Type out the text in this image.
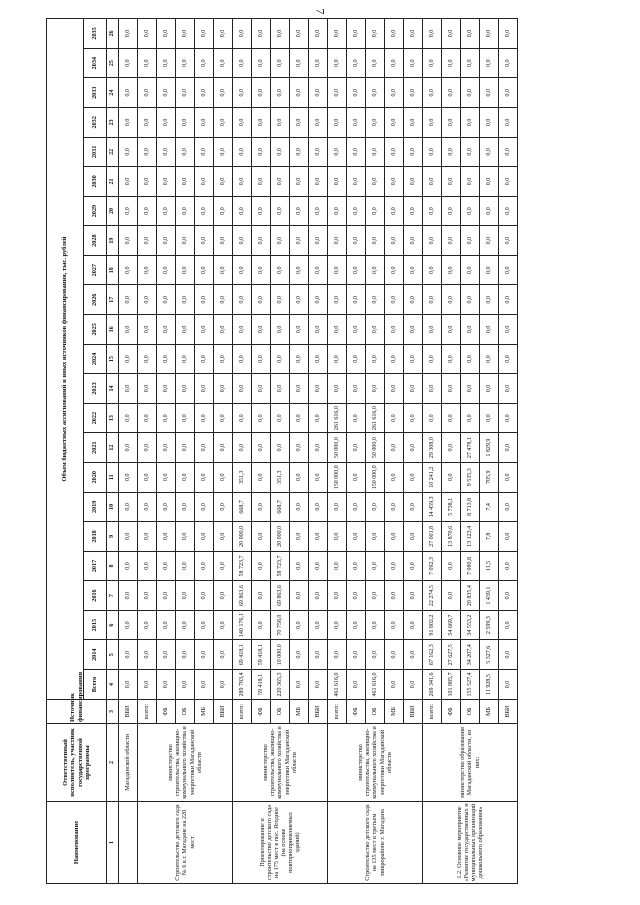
7
Наименование	Ответственный исполнитель, участник государственной программы	Источник финансирования	Объем бюджетных ассигнований и иных источников финансирования, тыс. рублей																						
			Всего	2014	2015	2016	2017	2018	2019	2020	2021	2022	2023	2024	2025	2026	2027	2028	2029	2030	2031	2032	2033	2034	2035
1	2	3	4	5	6	7	8	9	10	11	12	13	14	15	16	17	18	19	20	21	22	23	24	25	26
	Магаданской области	ВБИ	0,0	0,0	0,0	0,0	0,0	0,0	0,0	0,0	0,0	0,0	0,0	0,0	0,0	0,0	0,0	0,0	0,0	0,0	0,0	0,0	0,0	0,0	0,0
Строительство детского сада № 6 в г. Магадане на 220 мест	министерство строительства, жилищно-коммунального хозяйства и энергетики Магаданской области	всего:	0,0	0,0	0,0	0,0	0,0	0,0	0,0	0,0	0,0	0,0	0,0	0,0	0,0	0,0	0,0	0,0	0,0	0,0	0,0	0,0	0,0	0,0	0,0
		ФБ	0,0	0,0	0,0	0,0	0,0	0,0	0,0	0,0	0,0	0,0	0,0	0,0	0,0	0,0	0,0	0,0	0,0	0,0	0,0	0,0	0,0	0,0	0,0
		ОБ	0,0	0,0	0,0	0,0	0,0	0,0	0,0	0,0	0,0	0,0	0,0	0,0	0,0	0,0	0,0	0,0	0,0	0,0	0,0	0,0	0,0	0,0	0,0
		МБ	0,0	0,0	0,0	0,0	0,0	0,0	0,0	0,0	0,0	0,0	0,0	0,0	0,0	0,0	0,0	0,0	0,0	0,0	0,0	0,0	0,0	0,0	0,0
		ВБИ	0,0	0,0	0,0	0,0	0,0	0,0	0,0	0,0	0,0	0,0	0,0	0,0	0,0	0,0	0,0	0,0	0,0	0,0	0,0	0,0	0,0	0,0	0,0
Проектирование и строительство детского сада на 175 мест в пос. Ягодное (на основе повторноприменяемых зданий)	министерство строительства, жилищно-коммунального хозяйства и энергетики Магаданской области	всего:	289 783,4	69 418,1	140 176,1	69 863,6	58 723,7	20 000,0	668,7	351,3	0,0	0,0	0,0	0,0	0,0	0,0	0,0	0,0	0,0	0,0	0,0	0,0	0,0	0,0	0,0
		ФБ	59 418,1	59 418,1	0,0	0,0	0,0	0,0	0,0	0,0	0,0	0,0	0,0	0,0	0,0	0,0	0,0	0,0	0,0	0,0	0,0	0,0	0,0	0,0	0,0
		ОБ	220 365,3	10 000,0	70 758,0	69 863,6	58 723,7	20 000,0	668,7	351,3	0,0	0,0	0,0	0,0	0,0	0,0	0,0	0,0	0,0	0,0	0,0	0,0	0,0	0,0	0,0
		МБ	0,0	0,0	0,0	0,0	0,0	0,0	0,0	0,0	0,0	0,0	0,0	0,0	0,0	0,0	0,0	0,0	0,0	0,0	0,0	0,0	0,0	0,0	0,0
		ВБИ	0,0	0,0	0,0	0,0	0,0	0,0	0,0	0,0	0,0	0,0	0,0	0,0	0,0	0,0	0,0	0,0	0,0	0,0	0,0	0,0	0,0	0,0	0,0
Строительство детского сада на 135 мест в третьем микрорайоне г. Магадана	министерство строительства, жилищно-коммунального хозяйства и энергетики Магаданской области	всего:	461 616,0	0,0	0,0	0,0	0,0	0,0	0,0	150 000,0	50 000,0	261 616,0	0,0	0,0	0,0	0,0	0,0	0,0	0,0	0,0	0,0	0,0	0,0	0,0	0,0
		ФБ	0,0	0,0	0,0	0,0	0,0	0,0	0,0	0,0	0,0	0,0	0,0	0,0	0,0	0,0	0,0	0,0	0,0	0,0	0,0	0,0	0,0	0,0	0,0
		ОБ	461 616,0	0,0	0,0	0,0	0,0	0,0	0,0	150 000,0	50 000,0	261 616,0	0,0	0,0	0,0	0,0	0,0	0,0	0,0	0,0	0,0	0,0	0,0	0,0	0,0
		МБ	0,0	0,0	0,0	0,0	0,0	0,0	0,0	0,0	0,0	0,0	0,0	0,0	0,0	0,0	0,0	0,0	0,0	0,0	0,0	0,0	0,0	0,0	0,0
		ВБИ	0,0	0,0	0,0	0,0	0,0	0,0	0,0	0,0	0,0	0,0	0,0	0,0	0,0	0,0	0,0	0,0	0,0	0,0	0,0	0,0	0,0	0,0	0,0
1.2. Основное мероприятие «Развитие государственных и муниципальных организаций дошкольного образования»	министерство образования Магаданской области, из них:	всего:	269 341,6	67 162,3	91 802,2	22 274,5	7 092,3	27 001,8	14 459,3	10 241,2	29 308,0	0,0	0,0	0,0	0,0	0,0	0,0	0,0	0,0	0,0	0,0	0,0	0,0	0,0	0,0
		ФБ	101 885,7	27 627,5	54 669,7	0,0	0,0	13 870,6	5 738,1	0,0	0,0	0,0	0,0	0,0	0,0	0,0	0,0	0,0	0,0	0,0	0,0	0,0	0,0	0,0	0,0
		ОБ	155 527,4	34 207,4	34 553,2	20 835,4	7 080,8	13 123,4	8 713,8	9 535,3	27 478,1	0,0	0,0	0,0	0,0	0,0	0,0	0,0	0,0	0,0	0,0	0,0	0,0	0,0	0,0
		МБ	11 928,5	5 327,6	2 599,3	1 439,1	11,5	7,8	7,4	705,9	1 829,9	0,0	0,0	0,0	0,0	0,0	0,0	0,0	0,0	0,0	0,0	0,0	0,0	0,0	0,0
		ВБИ	0,0	0,0	0,0	0,0	0,0	0,0	0,0	0,0	0,0	0,0	0,0	0,0	0,0	0,0	0,0	0,0	0,0	0,0	0,0	0,0	0,0	0,0	0,0
